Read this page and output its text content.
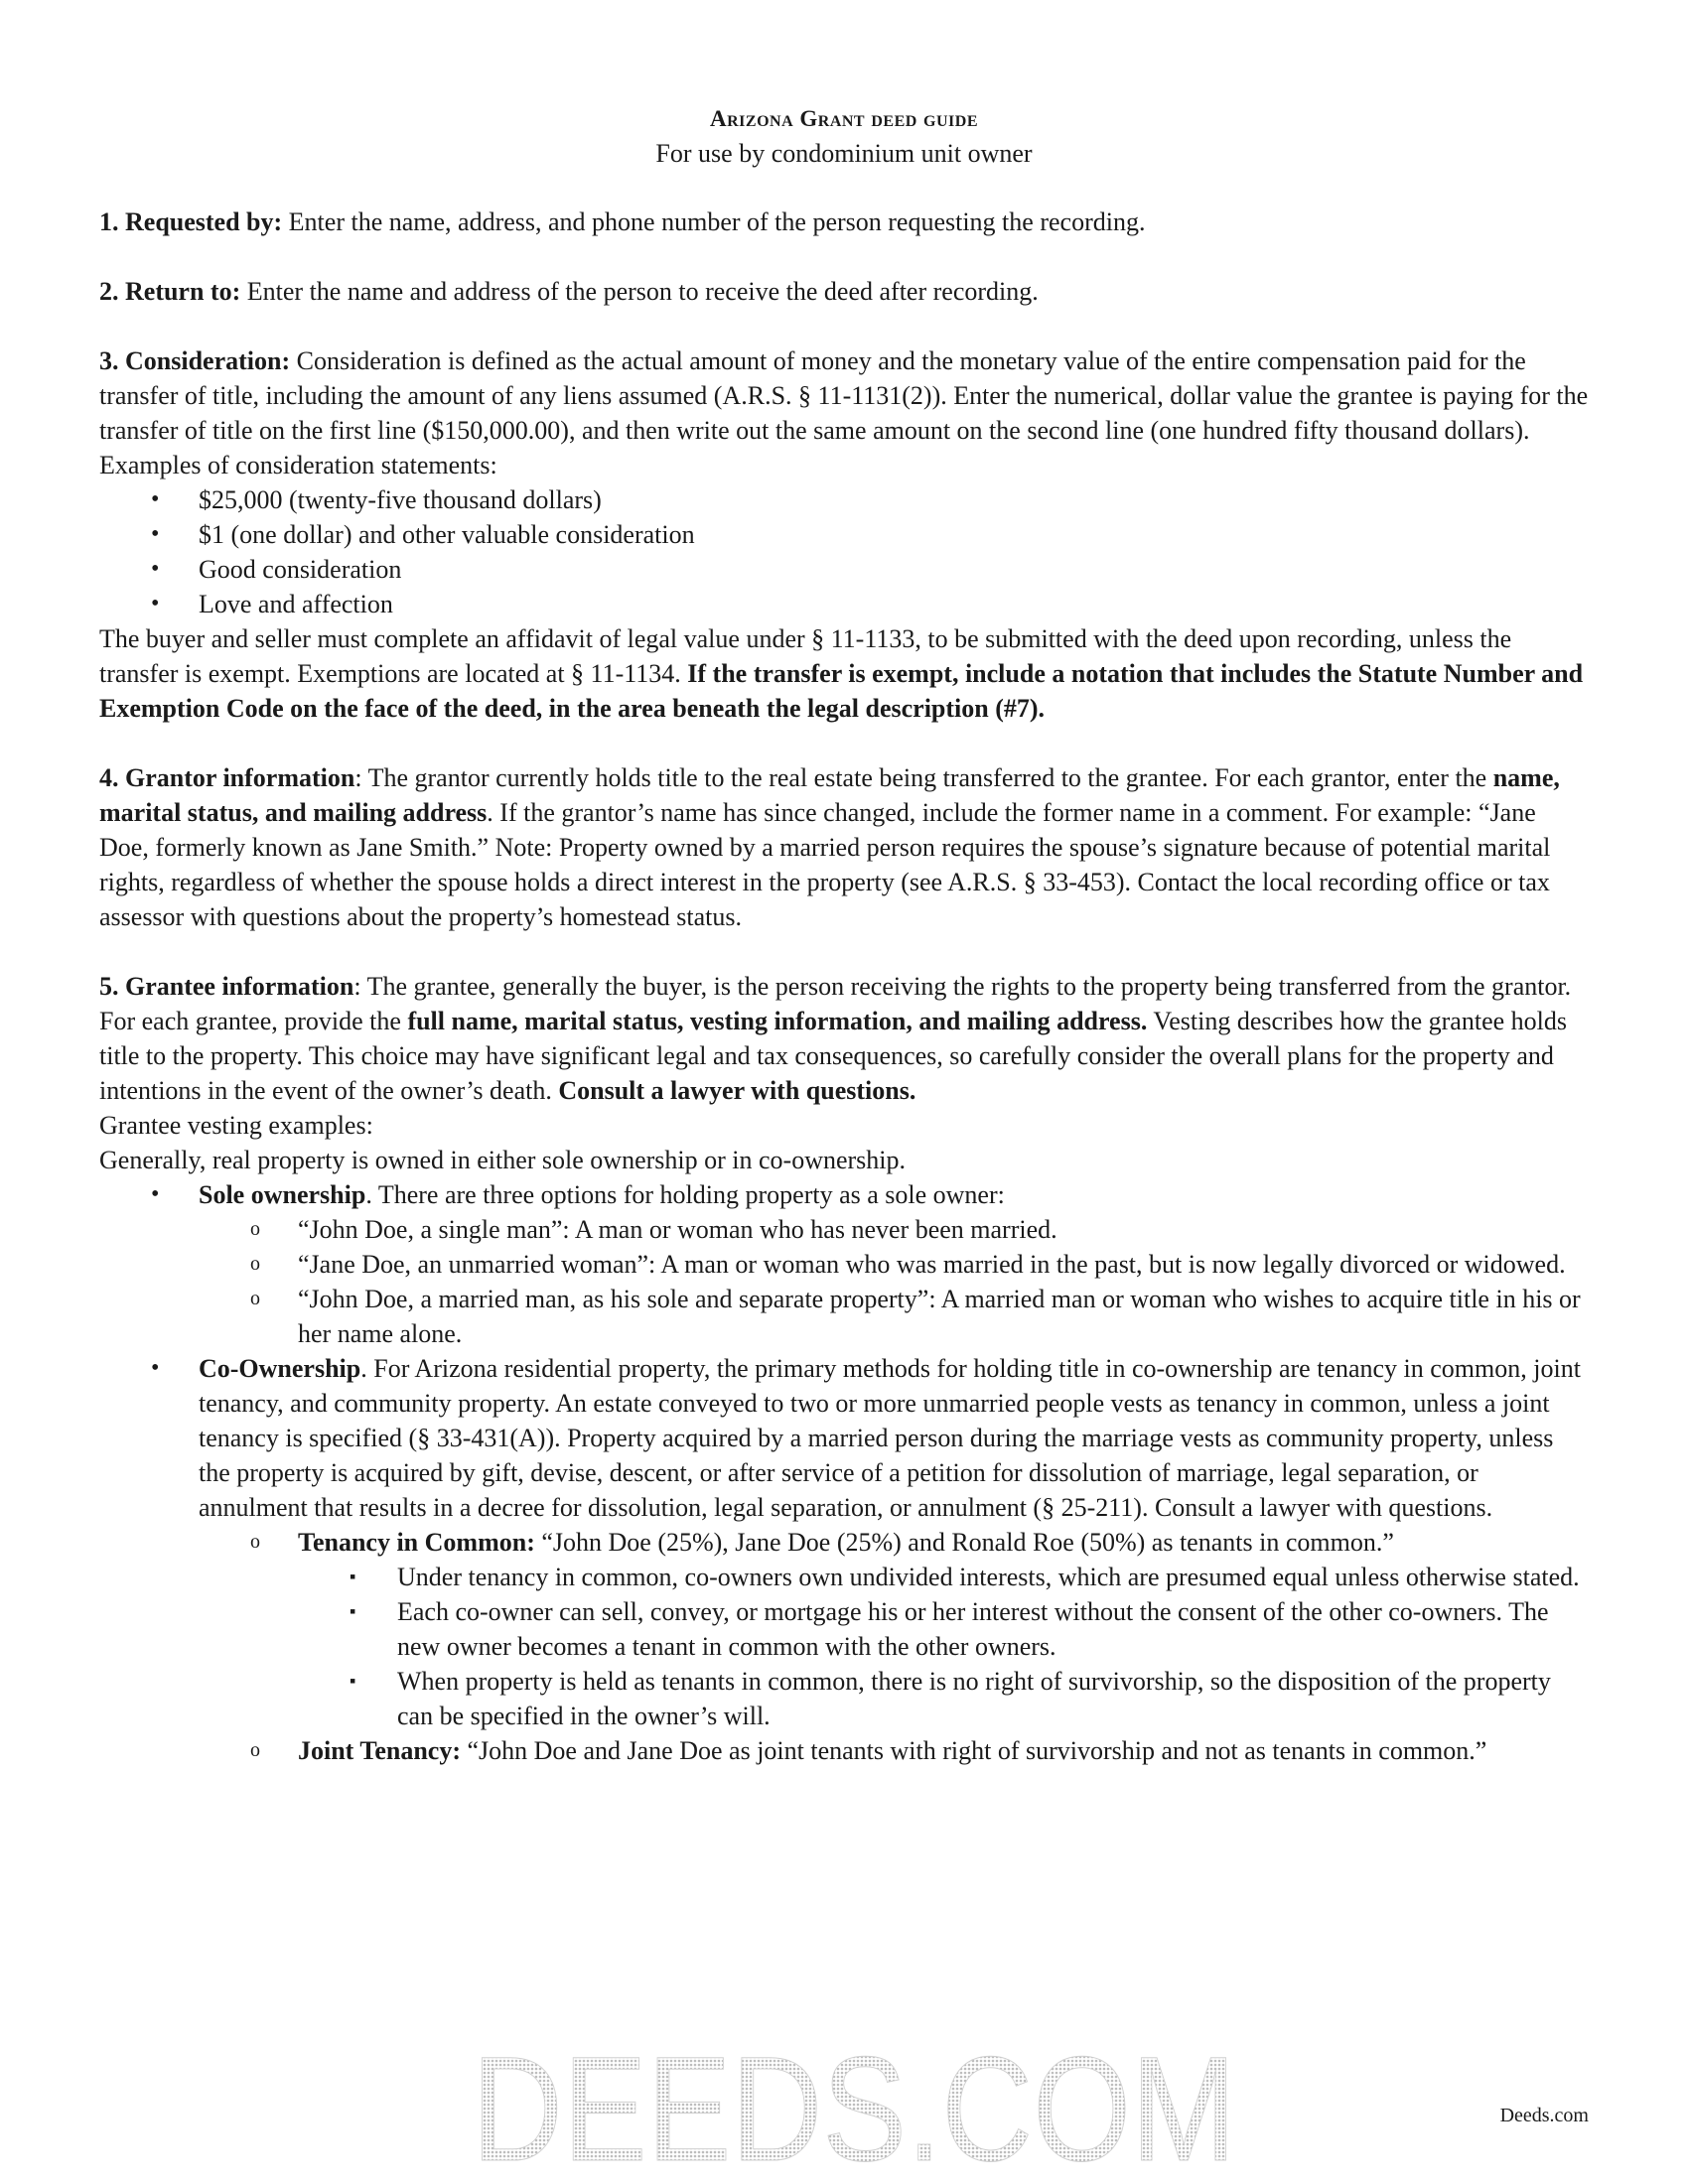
Arizona Grant deed guide
For use by condominium unit owner

1. Requested by: Enter the name, address, and phone number of the person requesting the recording.

2. Return to: Enter the name and address of the person to receive the deed after recording.

3. Consideration: Consideration is defined as the actual amount of money and the monetary value of the entire compensation paid for the transfer of title, including the amount of any liens assumed (A.R.S. § 11-1131(2)). Enter the numerical, dollar value the grantee is paying for the transfer of title on the first line ($150,000.00), and then write out the same amount on the second line (one hundred fifty thousand dollars).

Examples of consideration statements:

• $25,000 (twenty-five thousand dollars)
• $1 (one dollar) and other valuable consideration
• Good consideration
• Love and affection

The buyer and seller must complete an affidavit of legal value under § 11-1133, to be submitted with the deed upon recording, unless the transfer is exempt. Exemptions are located at § 11-1134. If the transfer is exempt, include a notation that includes the Statute Number and Exemption Code on the face of the deed, in the area beneath the legal description (#7).

4. Grantor information: The grantor currently holds title to the real estate being transferred to the grantee. For each grantor, enter the name, marital status, and mailing address. If the grantor’s name has since changed, include the former name in a comment. For example: “Jane Doe, formerly known as Jane Smith.” Note: Property owned by a married person requires the spouse’s signature because of potential marital rights, regardless of whether the spouse holds a direct interest in the property (see A.R.S. § 33-453). Contact the local recording office or tax assessor with questions about the property’s homestead status.

5. Grantee information: The grantee, generally the buyer, is the person receiving the rights to the property being transferred from the grantor. For each grantee, provide the full name, marital status, vesting information, and mailing address. Vesting describes how the grantee holds title to the property. This choice may have significant legal and tax consequences, so carefully consider the overall plans for the property and intentions in the event of the owner’s death. Consult a lawyer with questions.

Grantee vesting examples:

Generally, real property is owned in either sole ownership or in co-ownership.

• Sole ownership. There are three options for holding property as a sole owner:
o “John Doe, a single man”: A man or woman who has never been married.
o “Jane Doe, an unmarried woman”: A man or woman who was married in the past, but is now legally divorced or widowed.
o “John Doe, a married man, as his sole and separate property”: A married man or woman who wishes to acquire title in his or her name alone.
• Co-Ownership. For Arizona residential property, the primary methods for holding title in co-ownership are tenancy in common, joint tenancy, and community property. An estate conveyed to two or more unmarried people vests as tenancy in common, unless a joint tenancy is specified (§ 33-431(A)). Property acquired by a married person during the marriage vests as community property, unless the property is acquired by gift, devise, descent, or after service of a petition for dissolution of marriage, legal separation, or annulment that results in a decree for dissolution, legal separation, or annulment (§ 25-211). Consult a lawyer with questions.
o Tenancy in Common: “John Doe (25%), Jane Doe (25%) and Ronald Roe (50%) as tenants in common.”
▪ Under tenancy in common, co-owners own undivided interests, which are presumed equal unless otherwise stated.
▪ Each co-owner can sell, convey, or mortgage his or her interest without the consent of the other co-owners. The new owner becomes a tenant in common with the other owners.
▪ When property is held as tenants in common, there is no right of survivorship, so the disposition of the property can be specified in the owner’s will.
o Joint Tenancy: “John Doe and Jane Doe as joint tenants with right of survivorship and not as tenants in common.”
DEEDS.COM	Deeds.com
